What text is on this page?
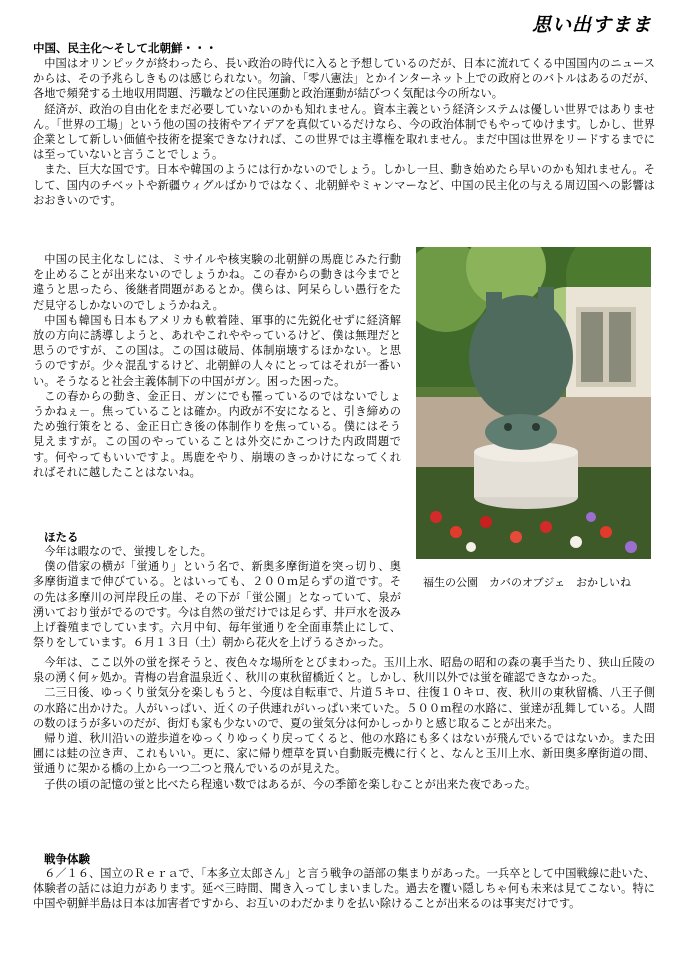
思い出すまま
中国、民主化～そして北朝鮮・・・
中国はオリンピックが終わったら、長い政治の時代に入ると予想しているのだが、日本に流れてくる中国国内のニュースからは、その予兆らしきものは感じられない。勿論、「零八憲法」とかインターネット上での政府とのバトルはあるのだが、各地で頻発する土地収用問題、汚職などの住民運動と政治運動が結びつく気配は今の所ない。
経済が、政治の自由化をまだ必要していないのかも知れません。資本主義という経済システムは優しい世界ではありません。「世界の工場」という他の国の技術やアイデアを真似ているだけなら、今の政治体制でもやってゆけます。しかし、世界企業として新しい価値や技術を提案できなければ、この世界では主導権を取れません。まだ中国は世界をリードするまでには至っていないと言うことでしょう。
また、巨大な国です。日本や韓国のようには行かないのでしょう。しかし一旦、動き始めたら早いのかも知れません。そして、国内のチベットや新疆ウィグルばかりではなく、北朝鮮やミャンマーなど、中国の民主化の与える周辺国への影響はおおきいのです。
中国の民主化なしには、ミサイルや核実験の北朝鮮の馬鹿じみた行動を止めることが出来ないのでしょうかね。この春からの動きは今までと違うと思ったら、後継者問題があるとか。僕らは、阿呆らしい愚行をただ見守るしかないのでしょうかねえ。
中国も韓国も日本もアメリカも軟着陸、軍事的に先鋭化せずに経済解放の方向に誘導しようと、あれやこれややっているけど、僕は無理だと思うのですが、この国は。この国は破局、体制崩壊するほかない。と思うのですが。少々混乱するけど、北朝鮮の人々にとってはそれが一番いい。そうなると社会主義体制下の中国がガン。困った困った。
この春からの動き、金正日、ガンにでも罹っているのではないでしょうかねぇ－。焦っていることは確か。内政が不安になると、引き締めのため強行策をとる、金正日亡き後の体制作りを焦っている。僕にはそう見えますが。この国のやっていることは外交にかこつけた内政問題です。何やってもいいですよ。馬鹿をやり、崩壊のきっかけになってくれればそれに越したことはないね。
福生の公園　カバのオブジェ　おかしいね
ほたる
今年は暇なので、蛍捜しをした。
僕の借家の横が「蛍通り」という名で、新奥多摩街道を突っ切り、奥多摩街道まで伸びている。とはいっても、２００ｍ足らずの道です。その先は多摩川の河岸段丘の崖、その下が「蛍公園」となっていて、泉が湧いており蛍がでるのです。今は自然の蛍だけでは足らず、井戸水を汲み上げ養殖までしています。六月中旬、毎年蛍通りを全面車禁止にして、祭りをしています。６月１３日（土）朝から花火を上げうるさかった。
今年は、ここ以外の蛍を探そうと、夜色々な場所をとびまわった。玉川上水、昭島の昭和の森の裏手当たり、狭山丘陵の泉の湧く何ヶ処か。青梅の岩倉温泉近く、秋川の東秋留橋近くと。しかし、秋川以外では蛍を確認できなかった。
二三日後、ゆっくり蛍気分を楽しもうと、今度は自転車で、片道５キロ、往復１０キロ、夜、秋川の東秋留橋、八王子側の水路に出かけた。人がいっぱい、近くの子供連れがいっぱい来ていた。５００ｍ程の水路に、蛍達が乱舞している。人間の数のほうが多いのだが、街灯も家も少ないので、夏の蛍気分は何かしっかりと感じ取ることが出来た。
帰り道、秋川沿いの遊歩道をゆっくりゆっくり戻ってくると、他の水路にも多くはないが飛んでいるではないか。また田圃には蛙の泣き声、これもいい。更に、家に帰り煙草を買い自動販売機に行くと、なんと玉川上水、新田奥多摩街道の間、蛍通りに架かる橋の上から一つ二つと飛んでいるのが見えた。
子供の頃の記憶の蛍と比べたら程遠い数ではあるが、今の季節を楽しむことが出来た夜であった。
戦争体験
６／１６、国立のＲｅｒａで、「本多立太郎さん」と言う戦争の語部の集まりがあった。一兵卒として中国戦線に赴いた、体験者の話には迫力があります。延べ三時間、聞き入ってしまいました。過去を覆い隠しちゃ何も未来は見てこない。特に中国や朝鮮半島は日本は加害者ですから、お互いのわだかまりを払い除けることが出来るのは事実だけです。
